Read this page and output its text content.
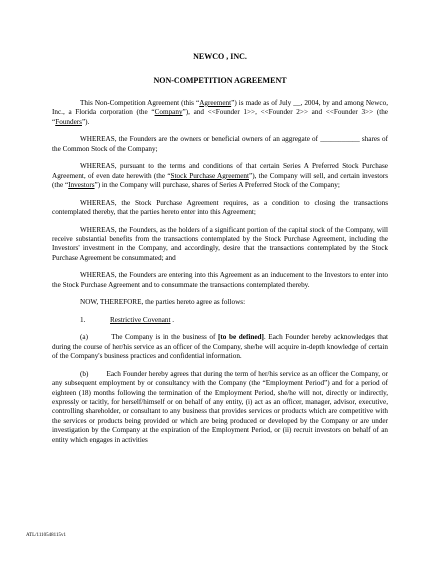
NEWCO , INC.
NON-COMPETITION AGREEMENT

This Non-Competition Agreement (this “Agreement”) is made as of July __, 2004, by and among Newco, Inc., a Florida corporation (the “Company”), and <<Founder 1>>, <<Founder 2>> and <<Founder 3>> (the “Founders”).

WHEREAS, the Founders are the owners or beneficial owners of an aggregate of ___________ shares of the Common Stock of the Company;

WHEREAS, pursuant to the terms and conditions of that certain Series A Preferred Stock Purchase Agreement, of even date herewith (the “Stock Purchase Agreement”), the Company will sell, and certain investors (the “Investors”) in the Company will purchase, shares of Series A Preferred Stock of the Company;

WHEREAS, the Stock Purchase Agreement requires, as a condition to closing the transactions contemplated thereby, that the parties hereto enter into this Agreement;

WHEREAS, the Founders, as the holders of a significant portion of the capital stock of the Company, will receive substantial benefits from the transactions contemplated by the Stock Purchase Agreement, including the Investors' investment in the Company, and accordingly, desire that the transactions contemplated by the Stock Purchase Agreement be consummated; and

WHEREAS, the Founders are entering into this Agreement as an inducement to the Investors to enter into the Stock Purchase Agreement and to consummate the transactions contemplated thereby.

NOW, THEREFORE, the parties hereto agree as follows:

1.	Restrictive Covenant .

(a)	The Company is in the business of [to be defined]. Each Founder hereby acknowledges that during the course of her/his service as an officer of the Company, she/he will acquire in-depth knowledge of certain of the Company's business practices and confidential information.

(b)	Each Founder hereby agrees that during the term of her/his service as an officer the Company, or any subsequent employment by or consultancy with the Company (the “Employment Period”) and for a period of eighteen (18) months following the termination of the Employment Period, she/he will not, directly or indirectly, expressly or tacitly, for herself/himself or on behalf of any entity, (i) act as an officer, manager, advisor, executive, controlling shareholder, or consultant to any business that provides services or products which are competitive with the services or products being provided or which are being produced or developed by the Company or are under investigation by the Company at the expiration of the Employment Period, or (ii) recruit investors on behalf of an entity which engages in activities

ATL/1110548115v1
